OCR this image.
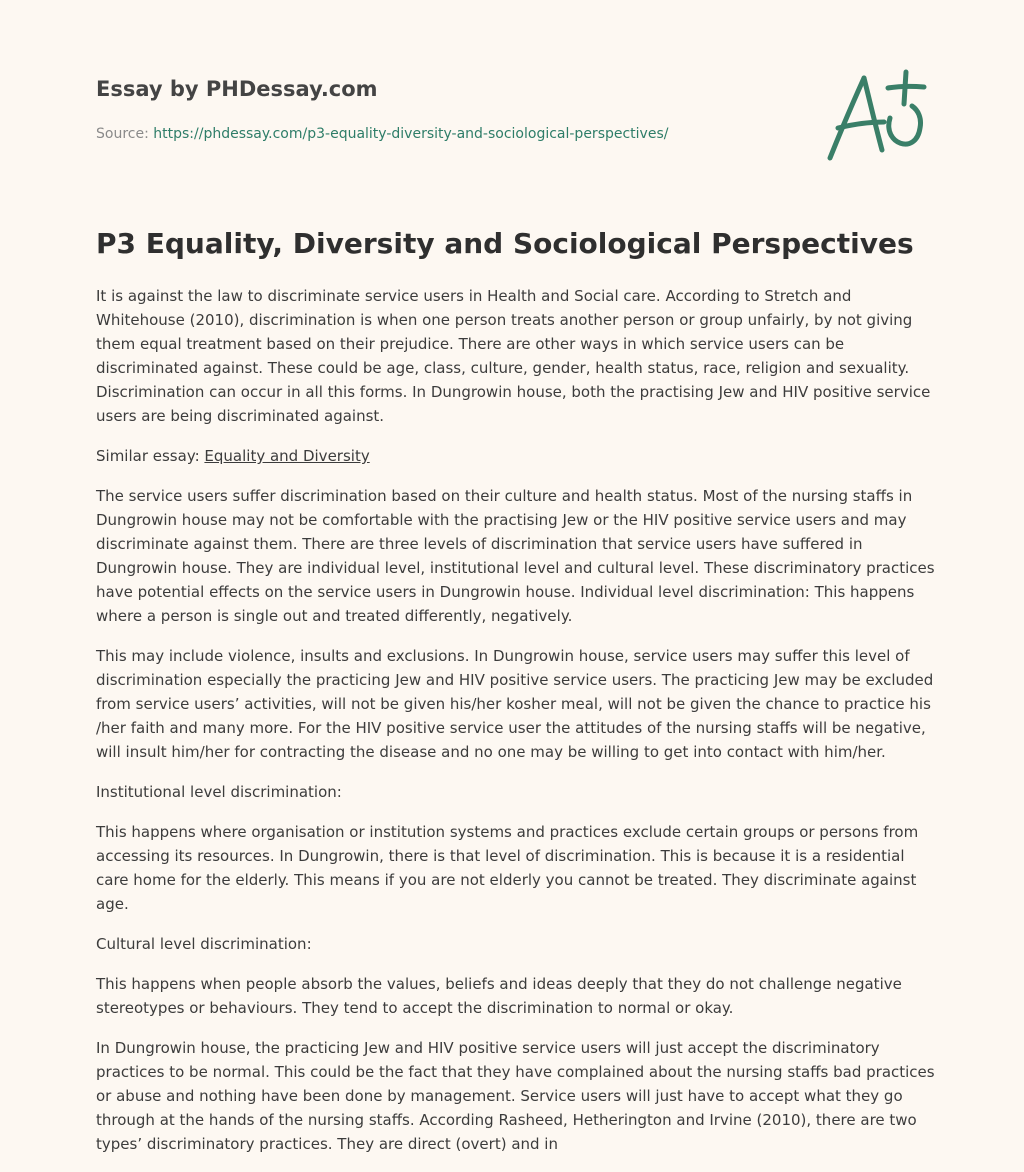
Essay by PHDessay.com
Source: https://phdessay.com/p3-equality-diversity-and-sociological-perspectives/
P3 Equality, Diversity and Sociological Perspectives

It is against the law to discriminate service users in Health and Social care. According to Stretch and Whitehouse (2010), discrimination is when one person treats another person or group unfairly, by not giving them equal treatment based on their prejudice. There are other ways in which service users can be discriminated against. These could be age, class, culture, gender, health status, race, religion and sexuality. Discrimination can occur in all this forms. In Dungrowin house, both the practising Jew and HIV positive service users are being discriminated against.

Similar essay: Equality and Diversity

The service users suffer discrimination based on their culture and health status. Most of the nursing staffs in Dungrowin house may not be comfortable with the practising Jew or the HIV positive service users and may discriminate against them. There are three levels of discrimination that service users have suffered in Dungrowin house. They are individual level, institutional level and cultural level. These discriminatory practices have potential effects on the service users in Dungrowin house. Individual level discrimination: This happens where a person is single out and treated differently, negatively.

This may include violence, insults and exclusions. In Dungrowin house, service users may suffer this level of discrimination especially the practicing Jew and HIV positive service users. The practicing Jew may be excluded from service users’ activities, will not be given his/her kosher meal, will not be given the chance to practice his /her faith and many more. For the HIV positive service user the attitudes of the nursing staffs will be negative, will insult him/her for contracting the disease and no one may be willing to get into contact with him/her.

Institutional level discrimination:

This happens where organisation or institution systems and practices exclude certain groups or persons from accessing its resources. In Dungrowin, there is that level of discrimination. This is because it is a residential care home for the elderly. This means if you are not elderly you cannot be treated. They discriminate against age.

Cultural level discrimination:

This happens when people absorb the values, beliefs and ideas deeply that they do not challenge negative stereotypes or behaviours. They tend to accept the discrimination to normal or okay.

In Dungrowin house, the practicing Jew and HIV positive service users will just accept the discriminatory practices to be normal. This could be the fact that they have complained about the nursing staffs bad practices or abuse and nothing have been done by management. Service users will just have to accept what they go through at the hands of the nursing staffs. According Rasheed, Hetherington and Irvine (2010), there are two types’ discriminatory practices. They are direct (overt) and in
